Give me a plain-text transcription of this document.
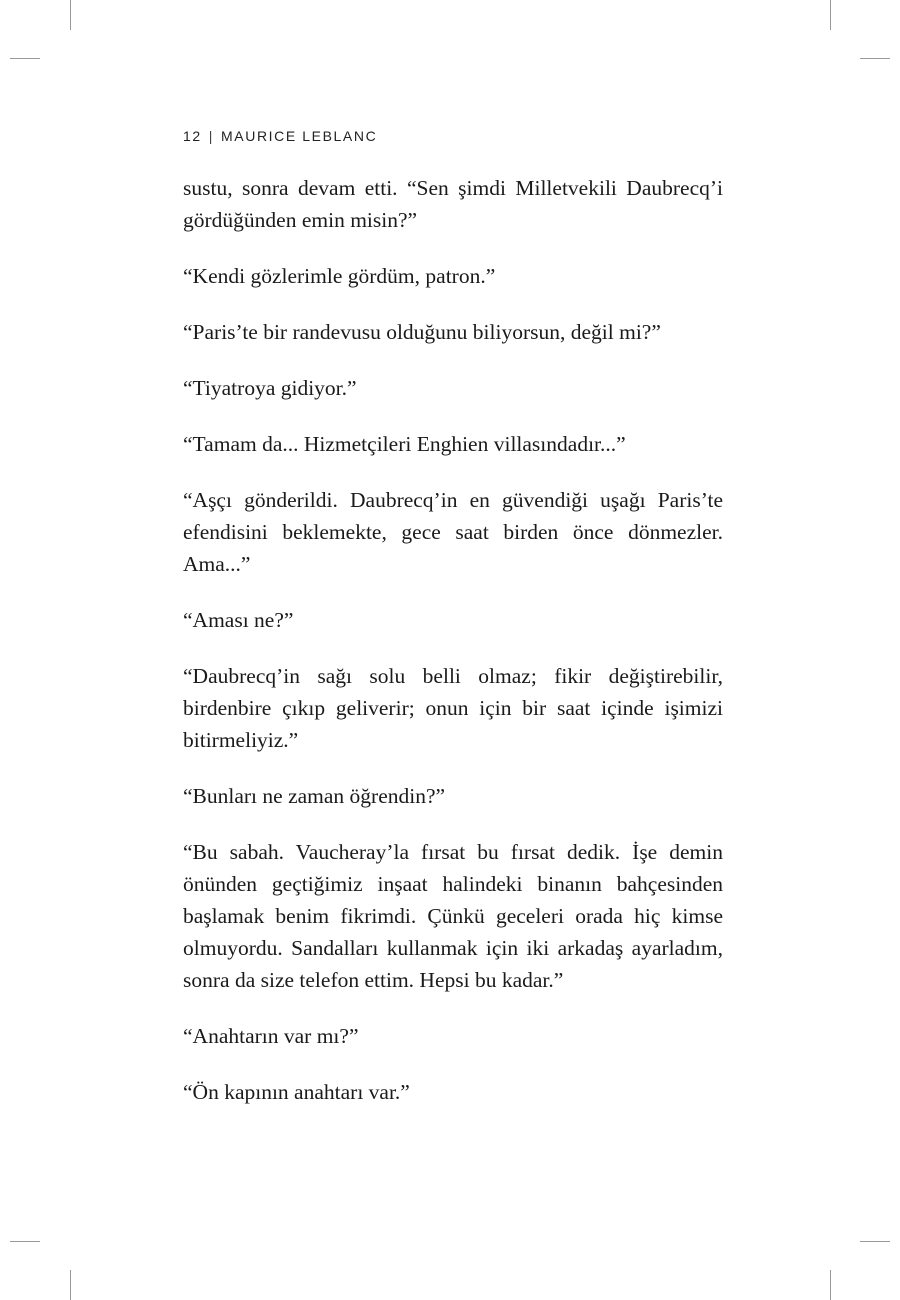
12 | MAURICE LEBLANC

sustu, sonra devam etti. “Sen şimdi Milletvekili Daubrecq’i gördüğünden emin misin?”

“Kendi gözlerimle gördüm, patron.”

“Paris’te bir randevusu olduğunu biliyorsun, değil mi?”

“Tiyatroya gidiyor.”

“Tamam da... Hizmetçileri Enghien villasındadır...”

“Aşçı gönderildi. Daubrecq’in en güvendiği uşağı Paris’te efendisini beklemekte, gece saat birden önce dönmezler. Ama...”

“Aması ne?”

“Daubrecq’in sağı solu belli olmaz; fikir değiştirebilir, birdenbire çıkıp geliverir; onun için bir saat içinde işimizi bitirmeliyiz.”

“Bunları ne zaman öğrendin?”

“Bu sabah. Vaucheray’la fırsat bu fırsat dedik. İşe demin önünden geçtiğimiz inşaat halindeki binanın bahçesinden başlamak benim fikrimdi. Çünkü geceleri orada hiç kimse olmuyordu. Sandalları kullanmak için iki arkadaş ayarladım, sonra da size telefon ettim. Hepsi bu kadar.”

“Anahtarın var mı?”

“Ön kapının anahtarı var.”
